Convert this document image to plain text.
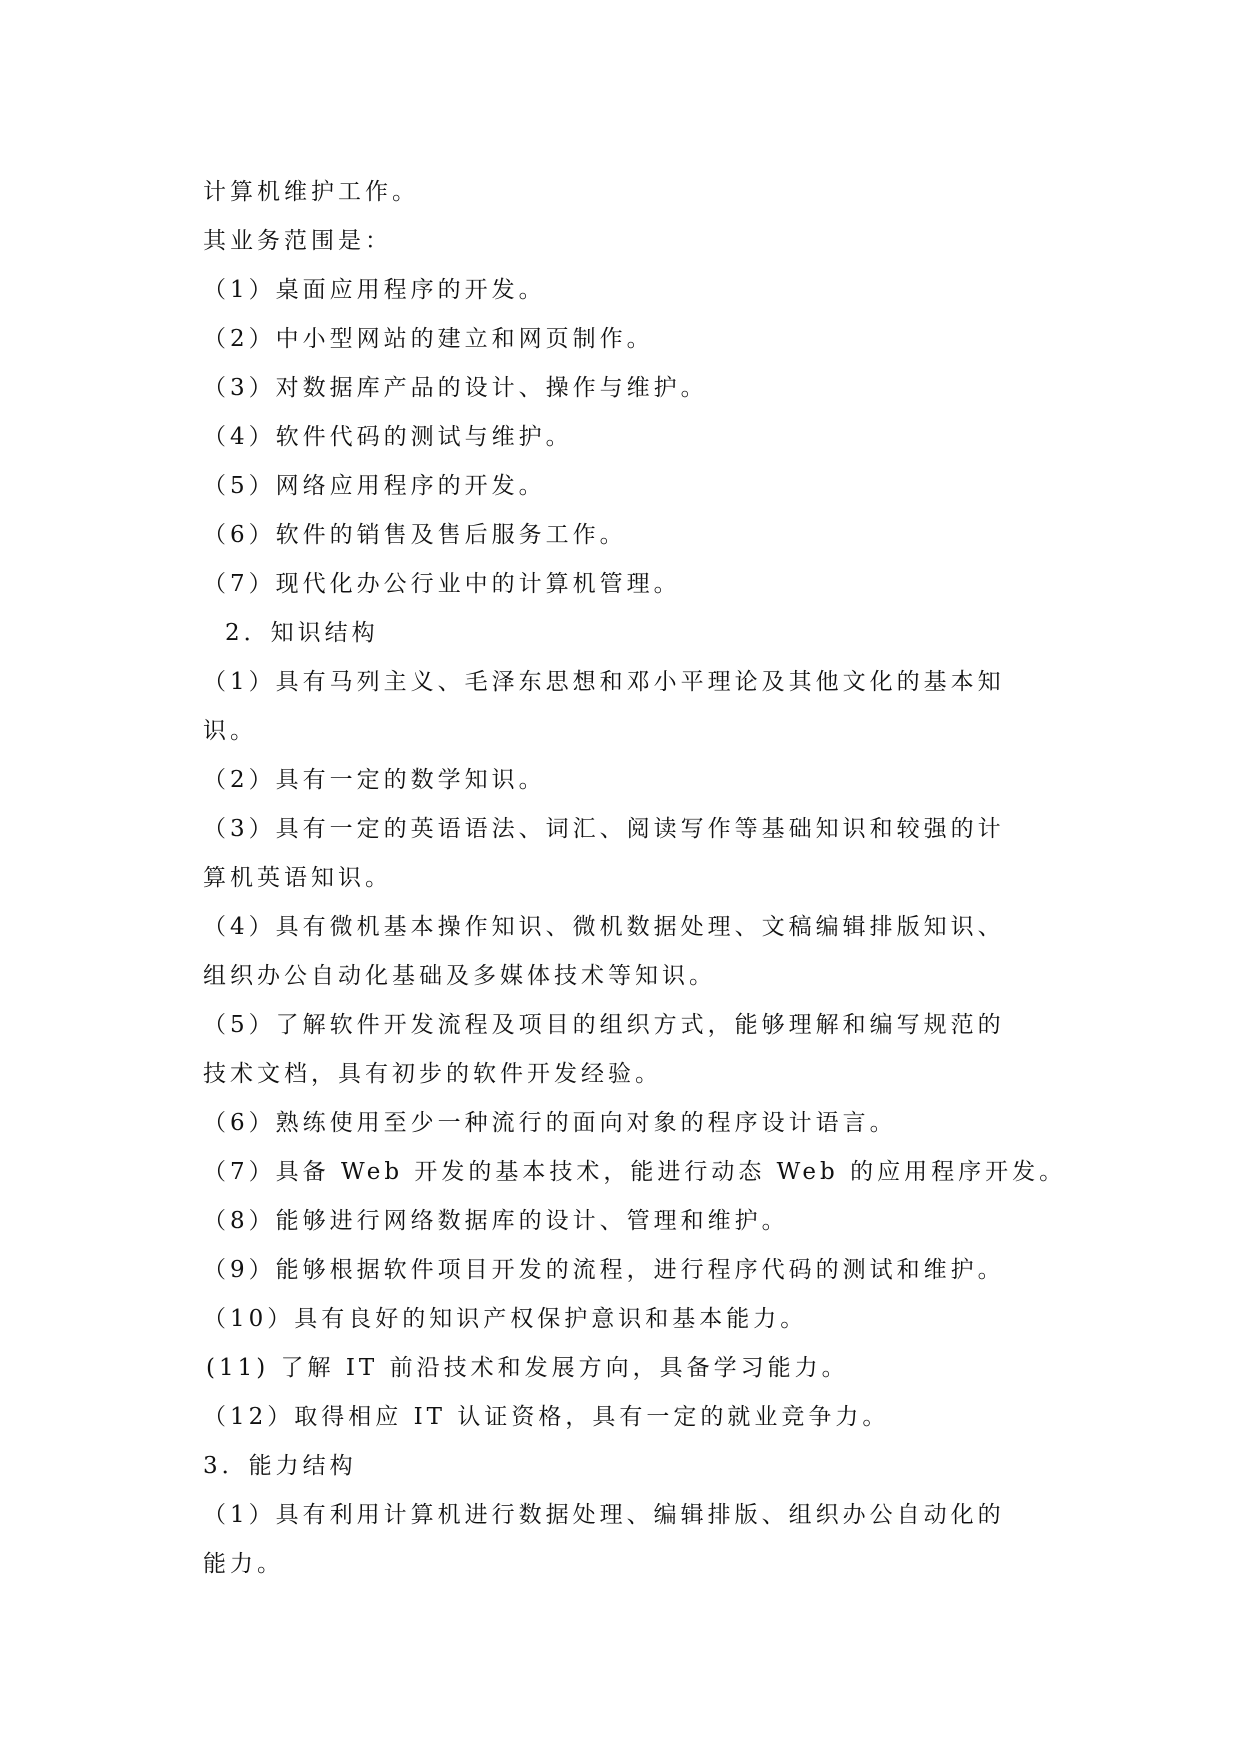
计算机维护工作。
其业务范围是：
（1）桌面应用程序的开发。
（2）中小型网站的建立和网页制作。
（3）对数据库产品的设计、操作与维护。
（4）软件代码的测试与维护。
（5）网络应用程序的开发。
（6）软件的销售及售后服务工作。
（7）现代化办公行业中的计算机管理。
2．知识结构
（1）具有马列主义、毛泽东思想和邓小平理论及其他文化的基本知
识。
（2）具有一定的数学知识。
（3）具有一定的英语语法、词汇、阅读写作等基础知识和较强的计
算机英语知识。
（4）具有微机基本操作知识、微机数据处理、文稿编辑排版知识、
组织办公自动化基础及多媒体技术等知识。
（5）了解软件开发流程及项目的组织方式，能够理解和编写规范的
技术文档，具有初步的软件开发经验。
（6）熟练使用至少一种流行的面向对象的程序设计语言。
（7）具备 Web 开发的基本技术，能进行动态 Web 的应用程序开发。
（8）能够进行网络数据库的设计、管理和维护。
（9）能够根据软件项目开发的流程，进行程序代码的测试和维护。
（10）具有良好的知识产权保护意识和基本能力。
(11) 了解 IT 前沿技术和发展方向，具备学习能力。
（12）取得相应 IT 认证资格，具有一定的就业竞争力。
3．能力结构
（1）具有利用计算机进行数据处理、编辑排版、组织办公自动化的
能力。
